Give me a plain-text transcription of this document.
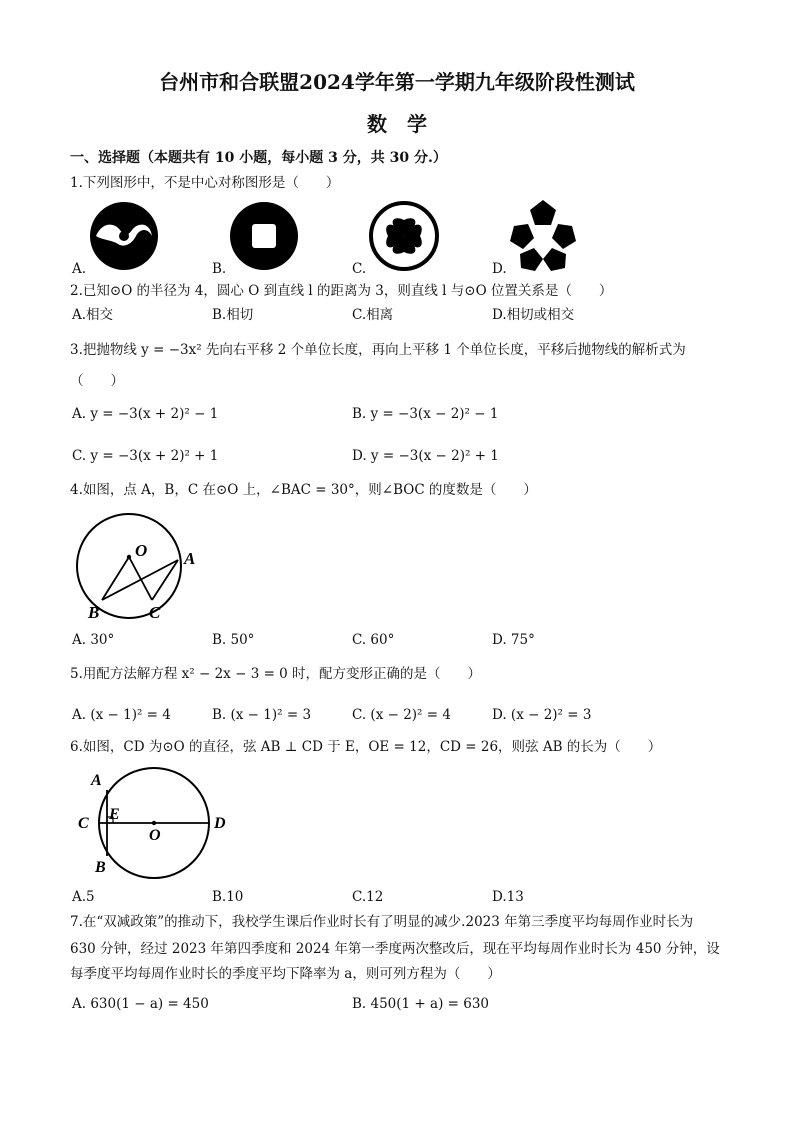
台州市和合联盟2024学年第一学期九年级阶段性测试
数　学
一、选择题（本题共有 10 小题，每小题 3 分，共 30 分.）
1.下列图形中，不是中心对称图形是（　　）
A.	B.	C.	D.
2.已知⊙O 的半径为 4，圆心 O 到直线 l 的距离为 3，则直线 l 与⊙O 位置关系是（　　）
A.相交	B.相切	C.相离	D.相切或相交
3.把抛物线 y = −3x² 先向右平移 2 个单位长度，再向上平移 1 个单位长度，平移后抛物线的解析式为
（　　）
A. y = −3(x + 2)² − 1	B. y = −3(x − 2)² − 1
C. y = −3(x + 2)² + 1	D. y = −3(x − 2)² + 1
4.如图，点 A，B，C 在⊙O 上，∠BAC = 30°，则∠BOC 的度数是（　　）
O A
B	C
A. 30°	B. 50°	C. 60°	D. 75°
5.用配方法解方程 x² − 2x − 3 = 0 时，配方变形正确的是（　　）
A. (x − 1)² = 4	B. (x − 1)² = 3	C. (x − 2)² = 4	D. (x − 2)² = 3
6.如图，CD 为⊙O 的直径，弦 AB ⊥ CD 于 E，OE = 12，CD = 26，则弦 AB 的长为（　　）
A
E
C
O
D
B
A.5	B.10	C.12	D.13
7.在“双减政策”的推动下，我校学生课后作业时长有了明显的减少.2023 年第三季度平均每周作业时长为
630 分钟，经过 2023 年第四季度和 2024 年第一季度两次整改后，现在平均每周作业时长为 450 分钟，设
每季度平均每周作业时长的季度平均下降率为 a，则可列方程为（　　）
A. 630(1 − a) = 450	B. 450(1 + a) = 630
